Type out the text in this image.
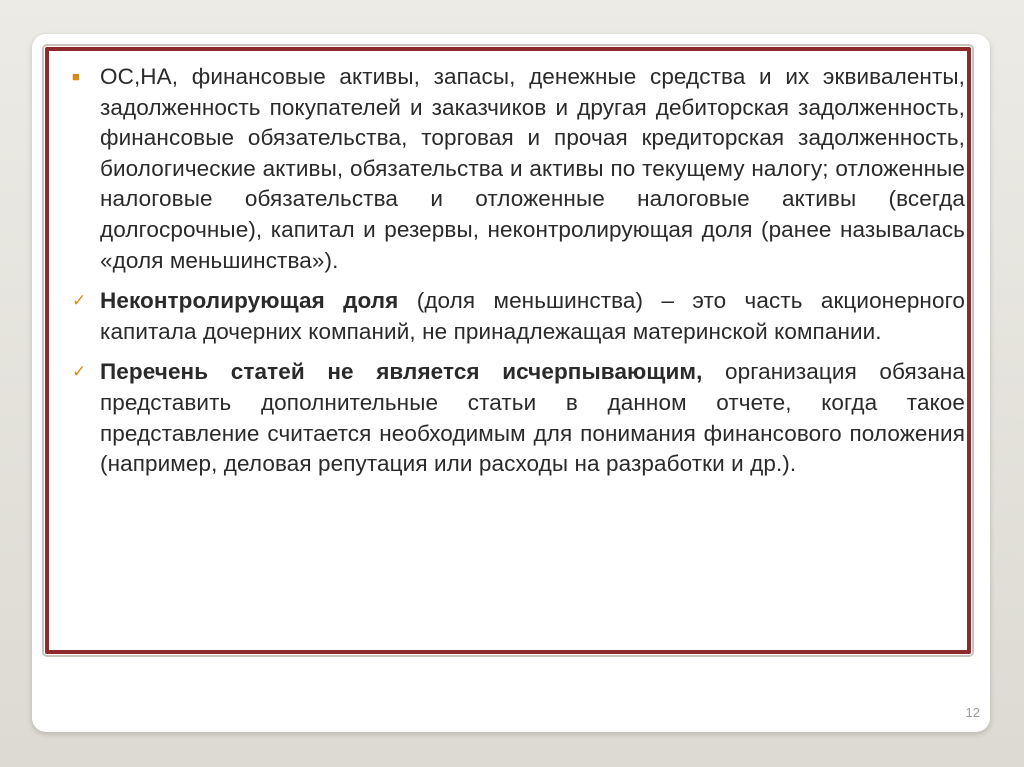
■ ОС,НА, финансовые активы, запасы, денежные средства и их эквиваленты, задолженность покупателей и заказчиков и другая дебиторская задолженность, финансовые обязательства, торговая и прочая кредиторская задолженность, биологические активы, обязательства и активы по текущему налогу; отложенные налоговые обязательства и отложенные налоговые активы (всегда долгосрочные), капитал и резервы, неконтролирующая доля (ранее называлась «доля меньшинства»).

✓ Неконтролирующая доля (доля меньшинства) – это часть акционерного капитала дочерних компаний, не принадлежащая материнской компании.

✓ Перечень статей не является исчерпывающим, организация обязана представить дополнительные статьи в данном отчете, когда такое представление считается необходимым для понимания финансового положения (например, деловая репутация или расходы на разработки и др.).

12
